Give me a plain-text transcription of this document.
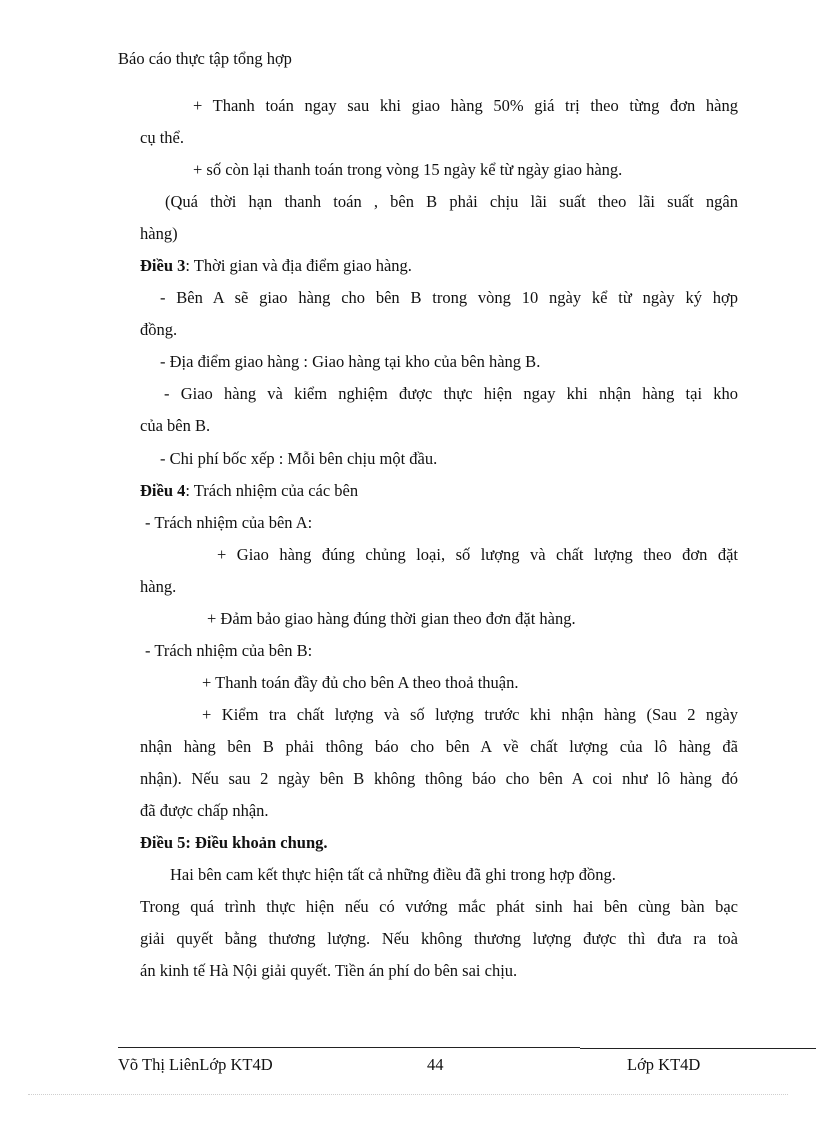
Báo cáo thực tập tổng hợp
+ Thanh toán ngay sau khi giao hàng 50% giá trị theo từng đơn hàng
cụ thể.
+ số còn lại thanh toán trong vòng 15 ngày kể từ ngày giao hàng.
(Quá thời hạn thanh toán , bên B phải chịu lãi suất theo lãi suất ngân
hàng)
Điều 3: Thời gian và địa điểm giao hàng.
- Bên A sẽ giao hàng cho bên B trong vòng 10 ngày kể từ ngày ký hợp
đồng.
- Địa điểm giao hàng : Giao hàng tại kho của bên hàng B.
- Giao hàng và kiểm nghiệm được thực hiện ngay khi nhận hàng tại kho
của bên B.
- Chi phí bốc xếp : Mỗi bên chịu một đầu.
Điều 4: Trách nhiệm của các bên
- Trách nhiệm của bên A:
+ Giao hàng đúng chủng loại, số lượng và chất lượng theo đơn đặt
hàng.
+ Đảm bảo giao hàng đúng thời gian theo đơn đặt hàng.
- Trách nhiệm của bên B:
+ Thanh toán đầy đủ cho bên A theo thoả thuận.
+ Kiểm tra chất lượng và số lượng trước khi nhận hàng (Sau 2 ngày
nhận hàng bên B phải thông báo cho bên A về chất lượng của lô hàng đã
nhận). Nếu sau 2 ngày bên B không thông báo cho bên A coi như lô hàng đó
đã được chấp nhận.
Điều 5: Điều khoản chung.
Hai bên cam kết thực hiện tất cả những điều đã ghi trong hợp đồng.
Trong quá trình thực hiện nếu có vướng mắc phát sinh hai bên cùng bàn bạc
giải quyết bằng thương lượng. Nếu không thương lượng được thì đưa ra toà
án kinh tế Hà Nội giải quyết. Tiền án phí do bên sai chịu.
Võ Thị LiênLớp KT4D	44	Lớp KT4D
